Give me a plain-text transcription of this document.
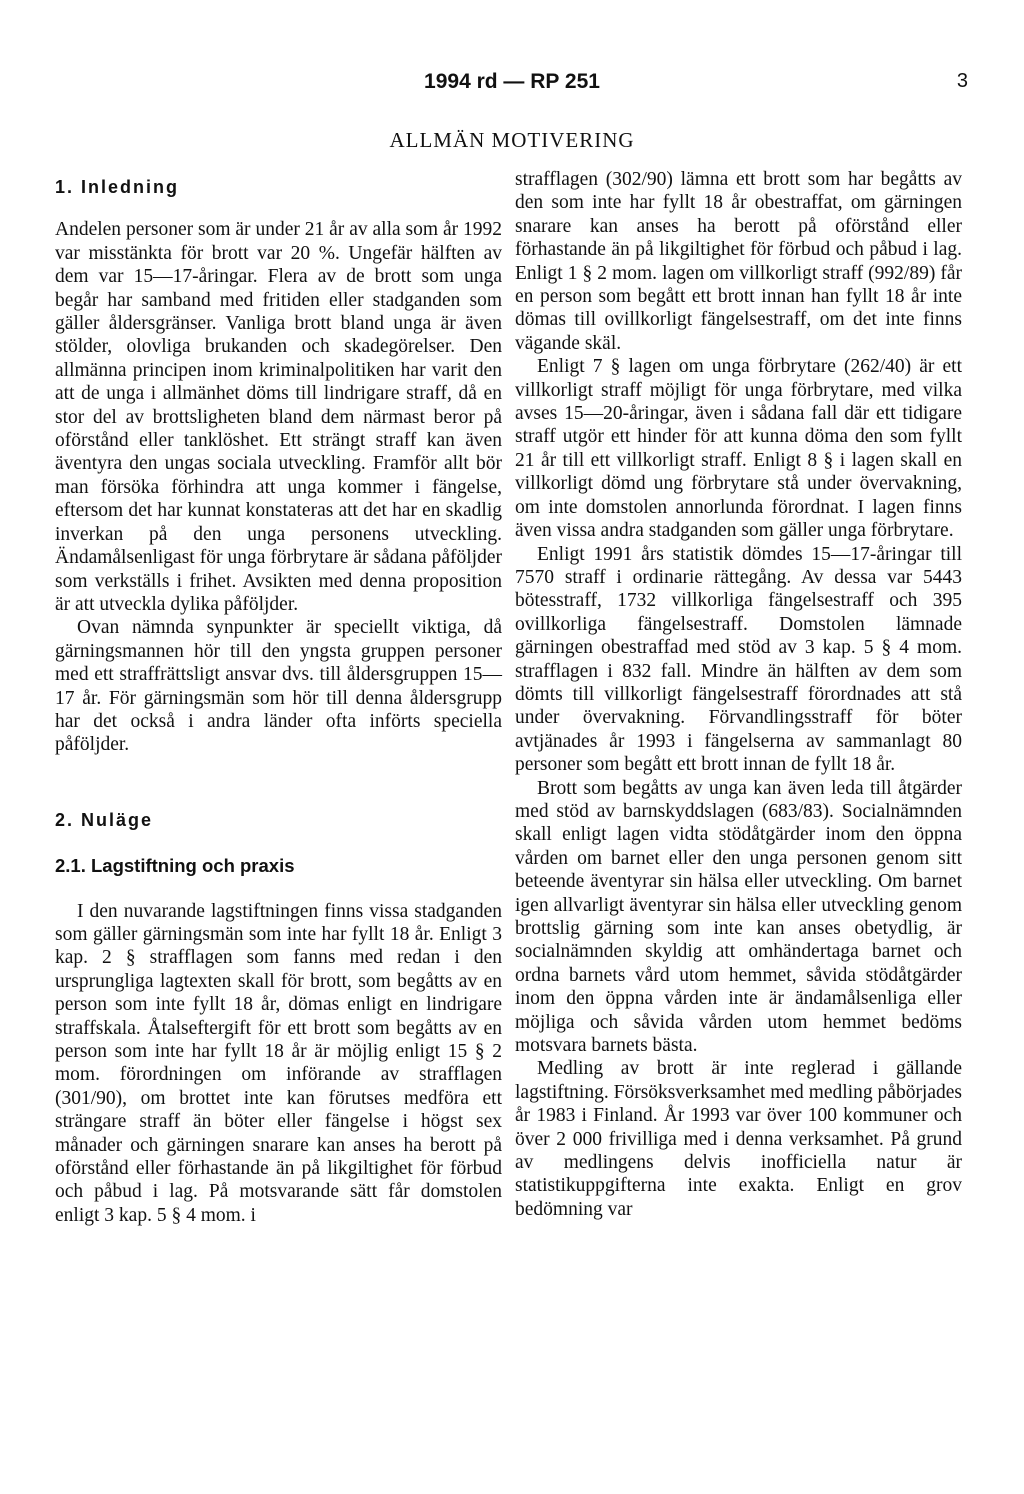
1994 rd — RP 251	3
ALLMÄN MOTIVERING
1. Inledning

Andelen personer som är under 21 år av alla som år 1992 var misstänkta för brott var 20 %. Ungefär hälften av dem var 15—17-åringar. Flera av de brott som unga begår har samband med fritiden eller stadganden som gäller åldersgränser. Vanliga brott bland unga är även stölder, olovliga brukanden och skadegörelser. Den allmänna principen inom kriminalpolitiken har varit den att de unga i allmänhet döms till lindrigare straff, då en stor del av brottsligheten bland dem närmast beror på oförstånd eller tanklöshet. Ett strängt straff kan även äventyra den ungas sociala utveckling. Framför allt bör man försöka förhindra att unga kommer i fängelse, eftersom det har kunnat konstateras att det har en skadlig inverkan på den unga personens utveckling. Ändamålsenligast för unga förbrytare är sådana påföljder som verkställs i frihet. Avsikten med denna proposition är att utveckla dylika påföljder.

Ovan nämnda synpunkter är speciellt viktiga, då gärningsmannen hör till den yngsta gruppen personer med ett straffrättsligt ansvar dvs. till åldersgruppen 15—17 år. För gärningsmän som hör till denna åldersgrupp har det också i andra länder ofta införts speciella påföljder.

2. Nuläge
2.1. Lagstiftning och praxis

I den nuvarande lagstiftningen finns vissa stadganden som gäller gärningsmän som inte har fyllt 18 år. Enligt 3 kap. 2 § strafflagen som fanns med redan i den ursprungliga lagtexten skall för brott, som begåtts av en person som inte fyllt 18 år, dömas enligt en lindrigare straffskala. Åtalseftergift för ett brott som begåtts av en person som inte har fyllt 18 år är möjlig enligt 15 § 2 mom. förordningen om införande av strafflagen (301/90), om brottet inte kan förutses medföra ett strängare straff än böter eller fängelse i högst sex månader och gärningen snarare kan anses ha berott på oförstånd eller förhastande än på likgiltighet för förbud och påbud i lag. På motsvarande sätt får domstolen enligt 3 kap. 5 § 4 mom. i

strafflagen (302/90) lämna ett brott som har begåtts av den som inte har fyllt 18 år obestraffat, om gärningen snarare kan anses ha berott på oförstånd eller förhastande än på likgiltighet för förbud och påbud i lag. Enligt 1 § 2 mom. lagen om villkorligt straff (992/89) får en person som begått ett brott innan han fyllt 18 år inte dömas till ovillkorligt fängelsestraff, om det inte finns vägande skäl.

Enligt 7 § lagen om unga förbrytare (262/40) är ett villkorligt straff möjligt för unga förbrytare, med vilka avses 15—20-åringar, även i sådana fall där ett tidigare straff utgör ett hinder för att kunna döma den som fyllt 21 år till ett villkorligt straff. Enligt 8 § i lagen skall en villkorligt dömd ung förbrytare stå under övervakning, om inte domstolen annorlunda förordnat. I lagen finns även vissa andra stadganden som gäller unga förbrytare.

Enligt 1991 års statistik dömdes 15—17-åringar till 7570 straff i ordinarie rättegång. Av dessa var 5443 bötesstraff, 1732 villkorliga fängelsestraff och 395 ovillkorliga fängelsestraff. Domstolen lämnade gärningen obestraffad med stöd av 3 kap. 5 § 4 mom. strafflagen i 832 fall. Mindre än hälften av dem som dömts till villkorligt fängelsestraff förordnades att stå under övervakning. Förvandlingsstraff för böter avtjänades år 1993 i fängelserna av sammanlagt 80 personer som begått ett brott innan de fyllt 18 år.

Brott som begåtts av unga kan även leda till åtgärder med stöd av barnskyddslagen (683/83). Socialnämnden skall enligt lagen vidta stödåtgärder inom den öppna vården om barnet eller den unga personen genom sitt beteende äventyrar sin hälsa eller utveckling. Om barnet igen allvarligt äventyrar sin hälsa eller utveckling genom brottslig gärning som inte kan anses obetydlig, är socialnämnden skyldig att omhändertaga barnet och ordna barnets vård utom hemmet, såvida stödåtgärder inom den öppna vården inte är ändamålsenliga eller möjliga och såvida vården utom hemmet bedöms motsvara barnets bästa.

Medling av brott är inte reglerad i gällande lagstiftning. Försöksverksamhet med medling påbörjades år 1983 i Finland. År 1993 var över 100 kommuner och över 2 000 frivilliga med i denna verksamhet. På grund av medlingens delvis inofficiella natur är statistikuppgifterna inte exakta. Enligt en grov bedömning var
